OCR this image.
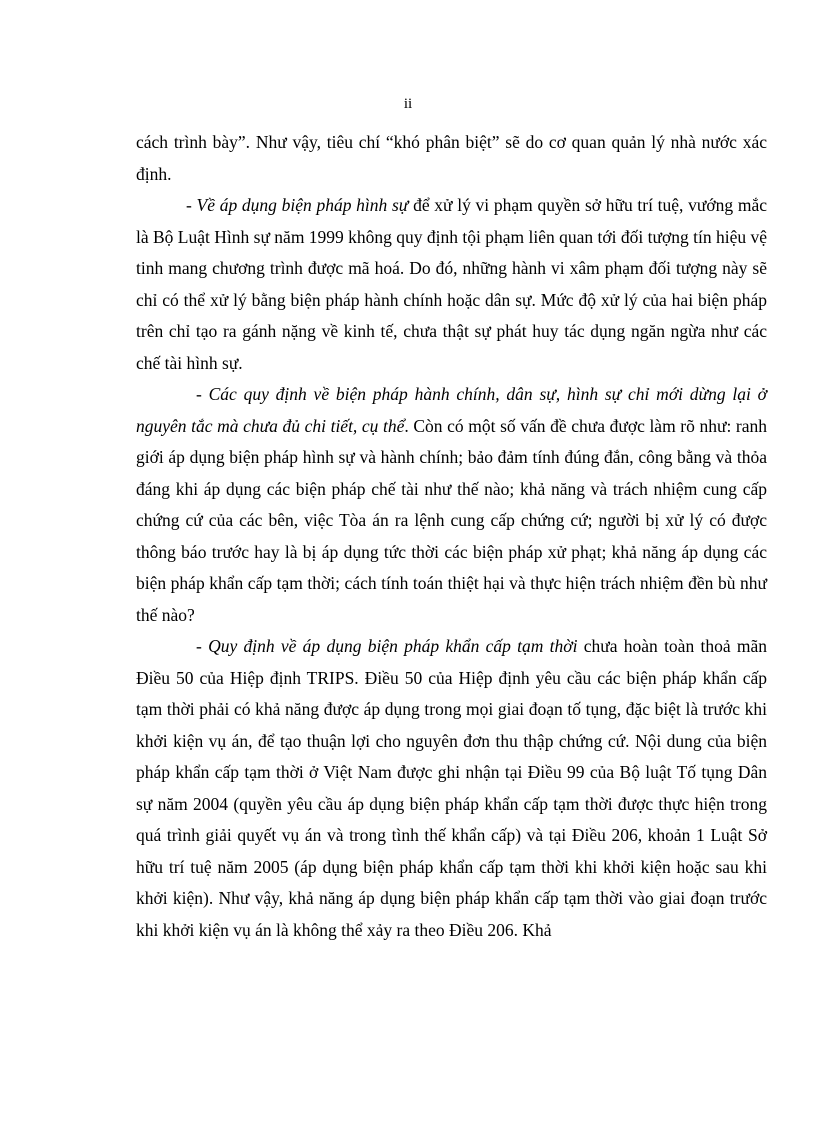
ii

cách trình bày”. Như vậy, tiêu chí “khó phân biệt” sẽ do cơ quan quản lý nhà nước xác định.

- Về áp dụng biện pháp hình sự để xử lý vi phạm quyền sở hữu trí tuệ, vướng mắc là Bộ Luật Hình sự năm 1999 không quy định tội phạm liên quan tới đối tượng tín hiệu vệ tinh mang chương trình được mã hoá. Do đó, những hành vi xâm phạm đối tượng này sẽ chỉ có thể xử lý bằng biện pháp hành chính hoặc dân sự. Mức độ xử lý của hai biện pháp trên chỉ tạo ra gánh nặng về kinh tế, chưa thật sự phát huy tác dụng ngăn ngừa như các chế tài hình sự.

- Các quy định về biện pháp hành chính, dân sự, hình sự chỉ mới dừng lại ở nguyên tắc mà chưa đủ chi tiết, cụ thể. Còn có một số vấn đề chưa được làm rõ như: ranh giới áp dụng biện pháp hình sự và hành chính; bảo đảm tính đúng đắn, công bằng và thỏa đáng khi áp dụng các biện pháp chế tài như thế nào; khả năng và trách nhiệm cung cấp chứng cứ của các bên, việc Tòa án ra lệnh cung cấp chứng cứ; người bị xử lý có được thông báo trước hay là bị áp dụng tức thời các biện pháp xử phạt; khả năng áp dụng các biện pháp khẩn cấp tạm thời; cách tính toán thiệt hại và thực hiện trách nhiệm đền bù như thế nào?

- Quy định về áp dụng biện pháp khẩn cấp tạm thời chưa hoàn toàn thoả mãn Điều 50 của Hiệp định TRIPS. Điều 50 của Hiệp định yêu cầu các biện pháp khẩn cấp tạm thời phải có khả năng được áp dụng trong mọi giai đoạn tố tụng, đặc biệt là trước khi khởi kiện vụ án, để tạo thuận lợi cho nguyên đơn thu thập chứng cứ. Nội dung của biện pháp khẩn cấp tạm thời ở Việt Nam được ghi nhận tại Điều 99 của Bộ luật Tố tụng Dân sự năm 2004 (quyền yêu cầu áp dụng biện pháp khẩn cấp tạm thời được thực hiện trong quá trình giải quyết vụ án và trong tình thế khẩn cấp) và tại Điều 206, khoản 1 Luật Sở hữu trí tuệ năm 2005 (áp dụng biện pháp khẩn cấp tạm thời khi khởi kiện hoặc sau khi khởi kiện). Như vậy, khả năng áp dụng biện pháp khẩn cấp tạm thời vào giai đoạn trước khi khởi kiện vụ án là không thể xảy ra theo Điều 206. Khả
